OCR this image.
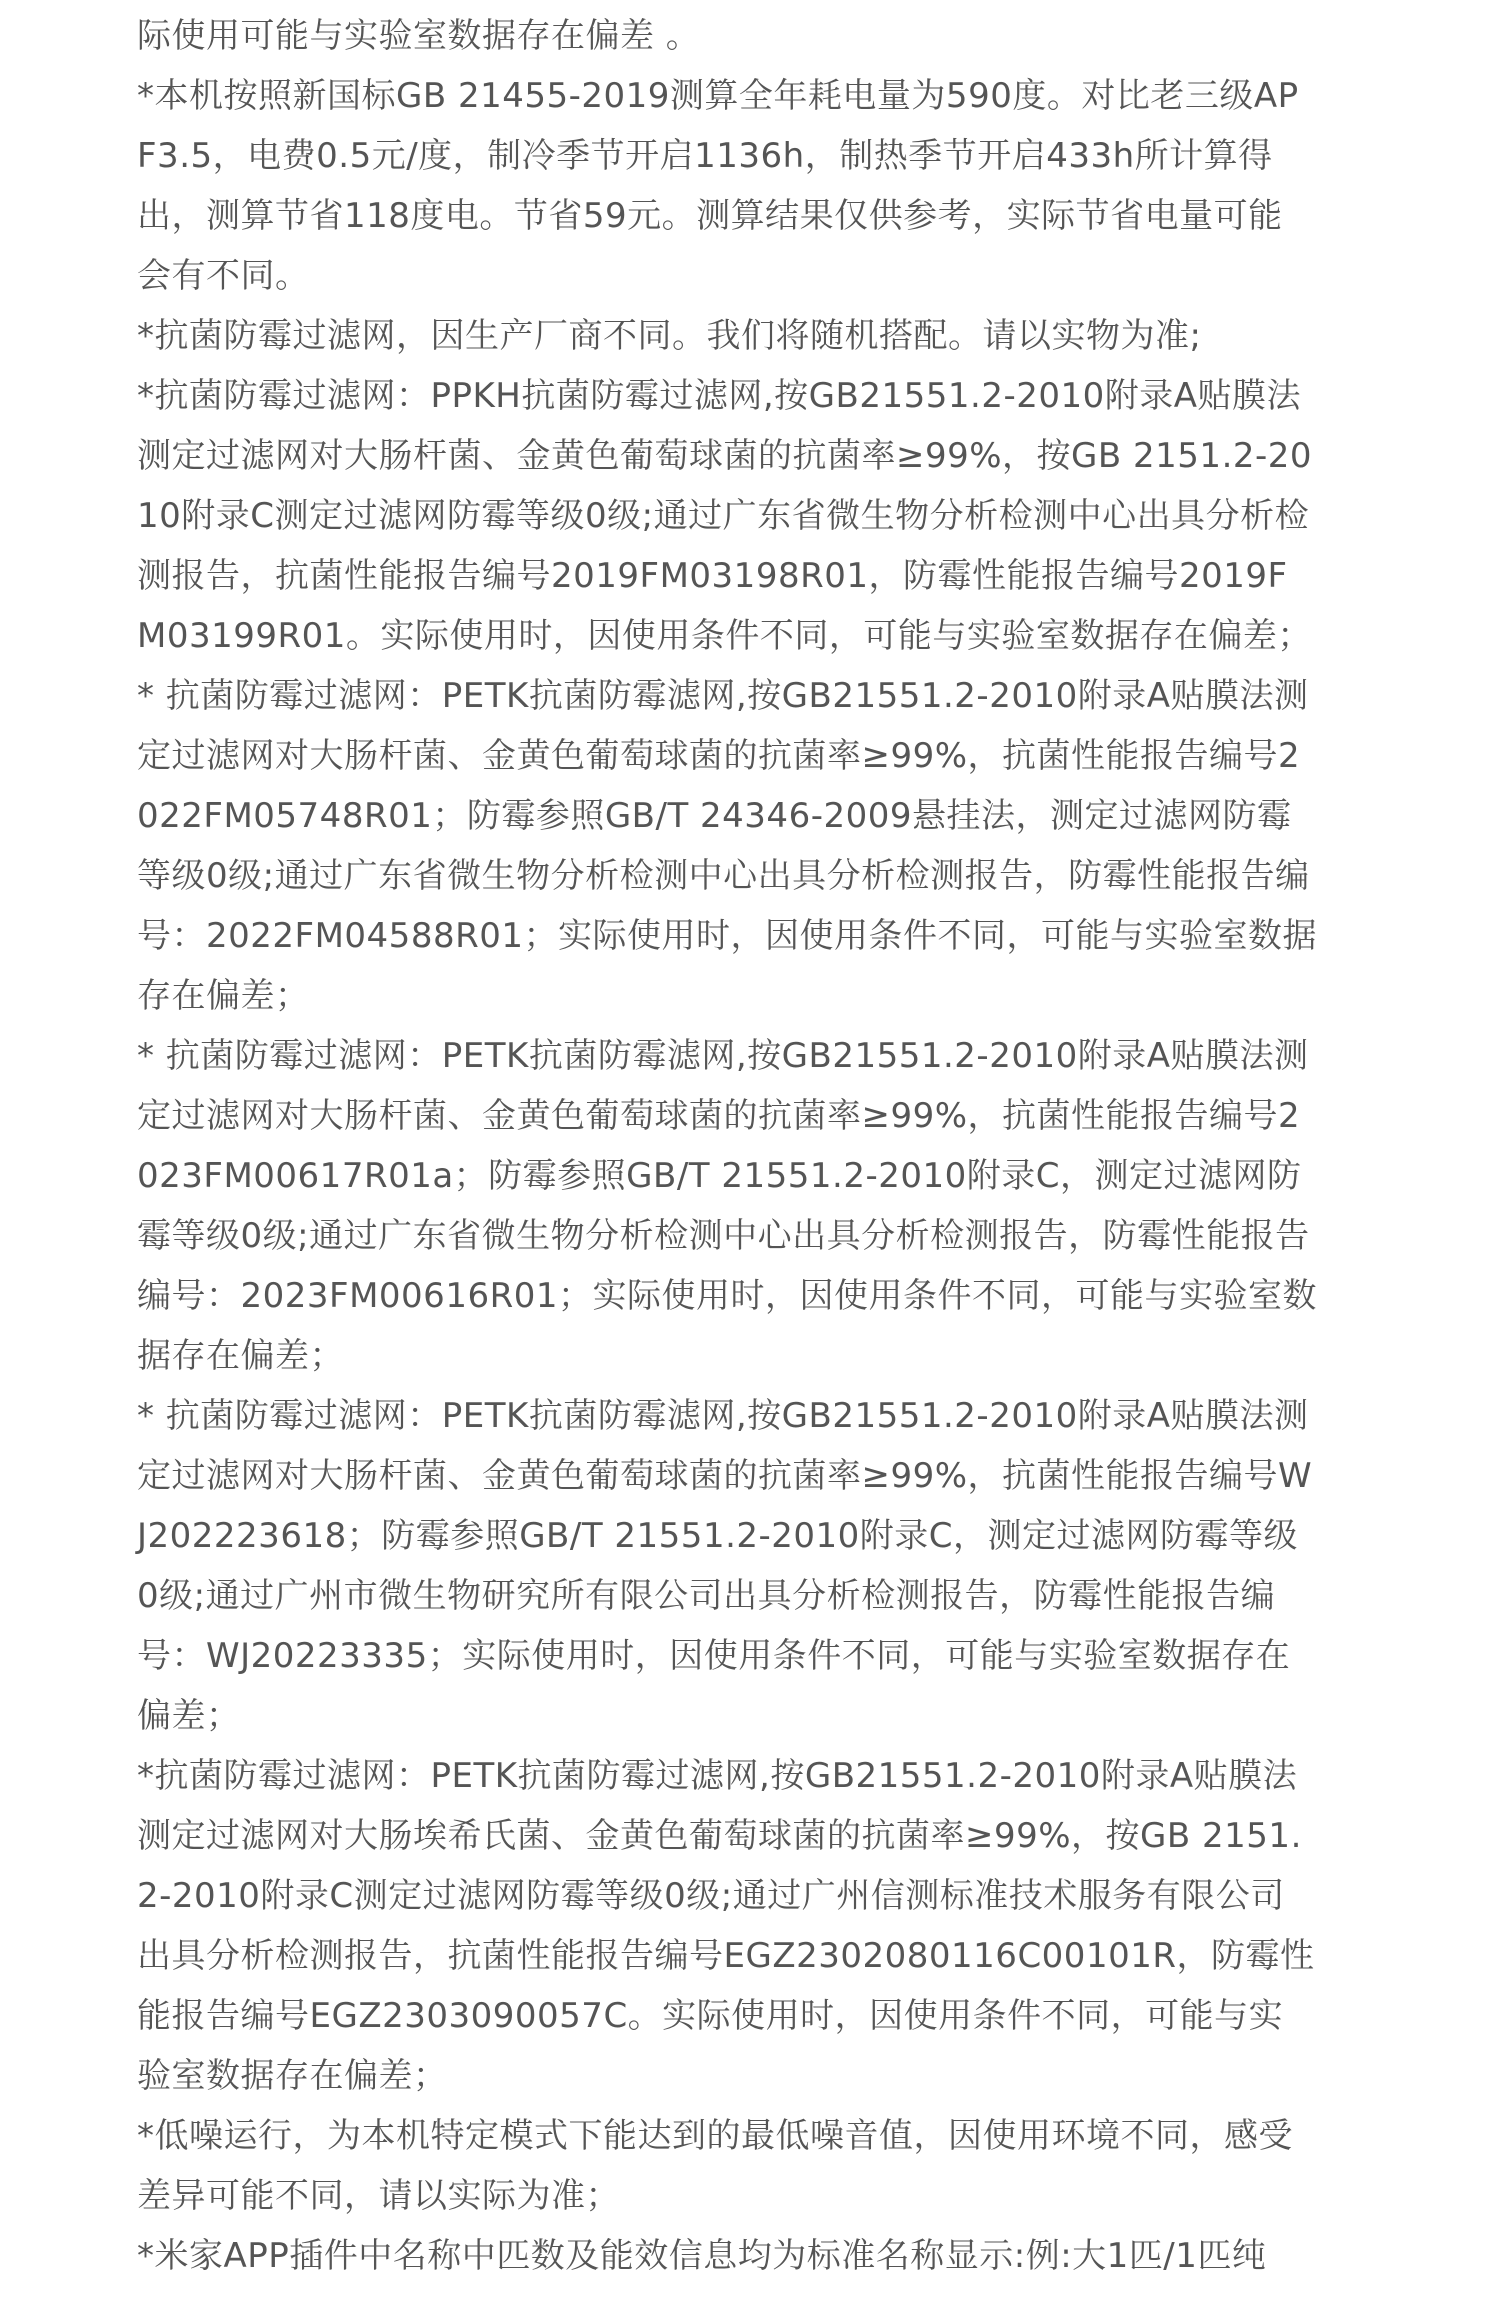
际使用可能与实验室数据存在偏差 。

*本机按照新国标GB 21455-2019测算全年耗电量为590度。对比老三级APF3.5，电费0.5元/度，制冷季节开启1136h，制热季节开启433h所计算得出，测算节省118度电。节省59元。测算结果仅供参考，实际节省电量可能会有不同。

*抗菌防霉过滤网，因生产厂商不同。我们将随机搭配。请以实物为准;

*抗菌防霉过滤网：PPKH抗菌防霉过滤网,按GB21551.2-2010附录A贴膜法测定过滤网对大肠杆菌、金黄色葡萄球菌的抗菌率≥99%，按GB 2151.2-2010附录C测定过滤网防霉等级0级;通过广东省微生物分析检测中心出具分析检测报告，抗菌性能报告编号2019FM03198R01，防霉性能报告编号2019FM03199R01。实际使用时，因使用条件不同，可能与实验室数据存在偏差；

* 抗菌防霉过滤网：PETK抗菌防霉滤网,按GB21551.2-2010附录A贴膜法测定过滤网对大肠杆菌、金黄色葡萄球菌的抗菌率≥99%，抗菌性能报告编号2022FM05748R01；防霉参照GB/T 24346-2009悬挂法，测定过滤网防霉等级0级;通过广东省微生物分析检测中心出具分析检测报告，防霉性能报告编号：2022FM04588R01；实际使用时，因使用条件不同，可能与实验室数据存在偏差；

* 抗菌防霉过滤网：PETK抗菌防霉滤网,按GB21551.2-2010附录A贴膜法测定过滤网对大肠杆菌、金黄色葡萄球菌的抗菌率≥99%，抗菌性能报告编号2023FM00617R01a；防霉参照GB/T 21551.2-2010附录C，测定过滤网防霉等级0级;通过广东省微生物分析检测中心出具分析检测报告，防霉性能报告编号：2023FM00616R01；实际使用时，因使用条件不同，可能与实验室数据存在偏差；

* 抗菌防霉过滤网：PETK抗菌防霉滤网,按GB21551.2-2010附录A贴膜法测定过滤网对大肠杆菌、金黄色葡萄球菌的抗菌率≥99%，抗菌性能报告编号WJ202223618；防霉参照GB/T 21551.2-2010附录C，测定过滤网防霉等级0级;通过广州市微生物研究所有限公司出具分析检测报告，防霉性能报告编号：WJ20223335；实际使用时，因使用条件不同，可能与实验室数据存在偏差；

*抗菌防霉过滤网：PETK抗菌防霉过滤网,按GB21551.2-2010附录A贴膜法测定过滤网对大肠埃希氏菌、金黄色葡萄球菌的抗菌率≥99%，按GB 2151.2-2010附录C测定过滤网防霉等级0级;通过广州信测标准技术服务有限公司出具分析检测报告，抗菌性能报告编号EGZ2302080116C00101R，防霉性能报告编号EGZ2303090057C。实际使用时，因使用条件不同，可能与实验室数据存在偏差；

*低噪运行，为本机特定模式下能达到的最低噪音值，因使用环境不同，感受差异可能不同，请以实际为准；

*米家APP插件中名称中匹数及能效信息均为标准名称显示:例:大1匹/1匹纯
